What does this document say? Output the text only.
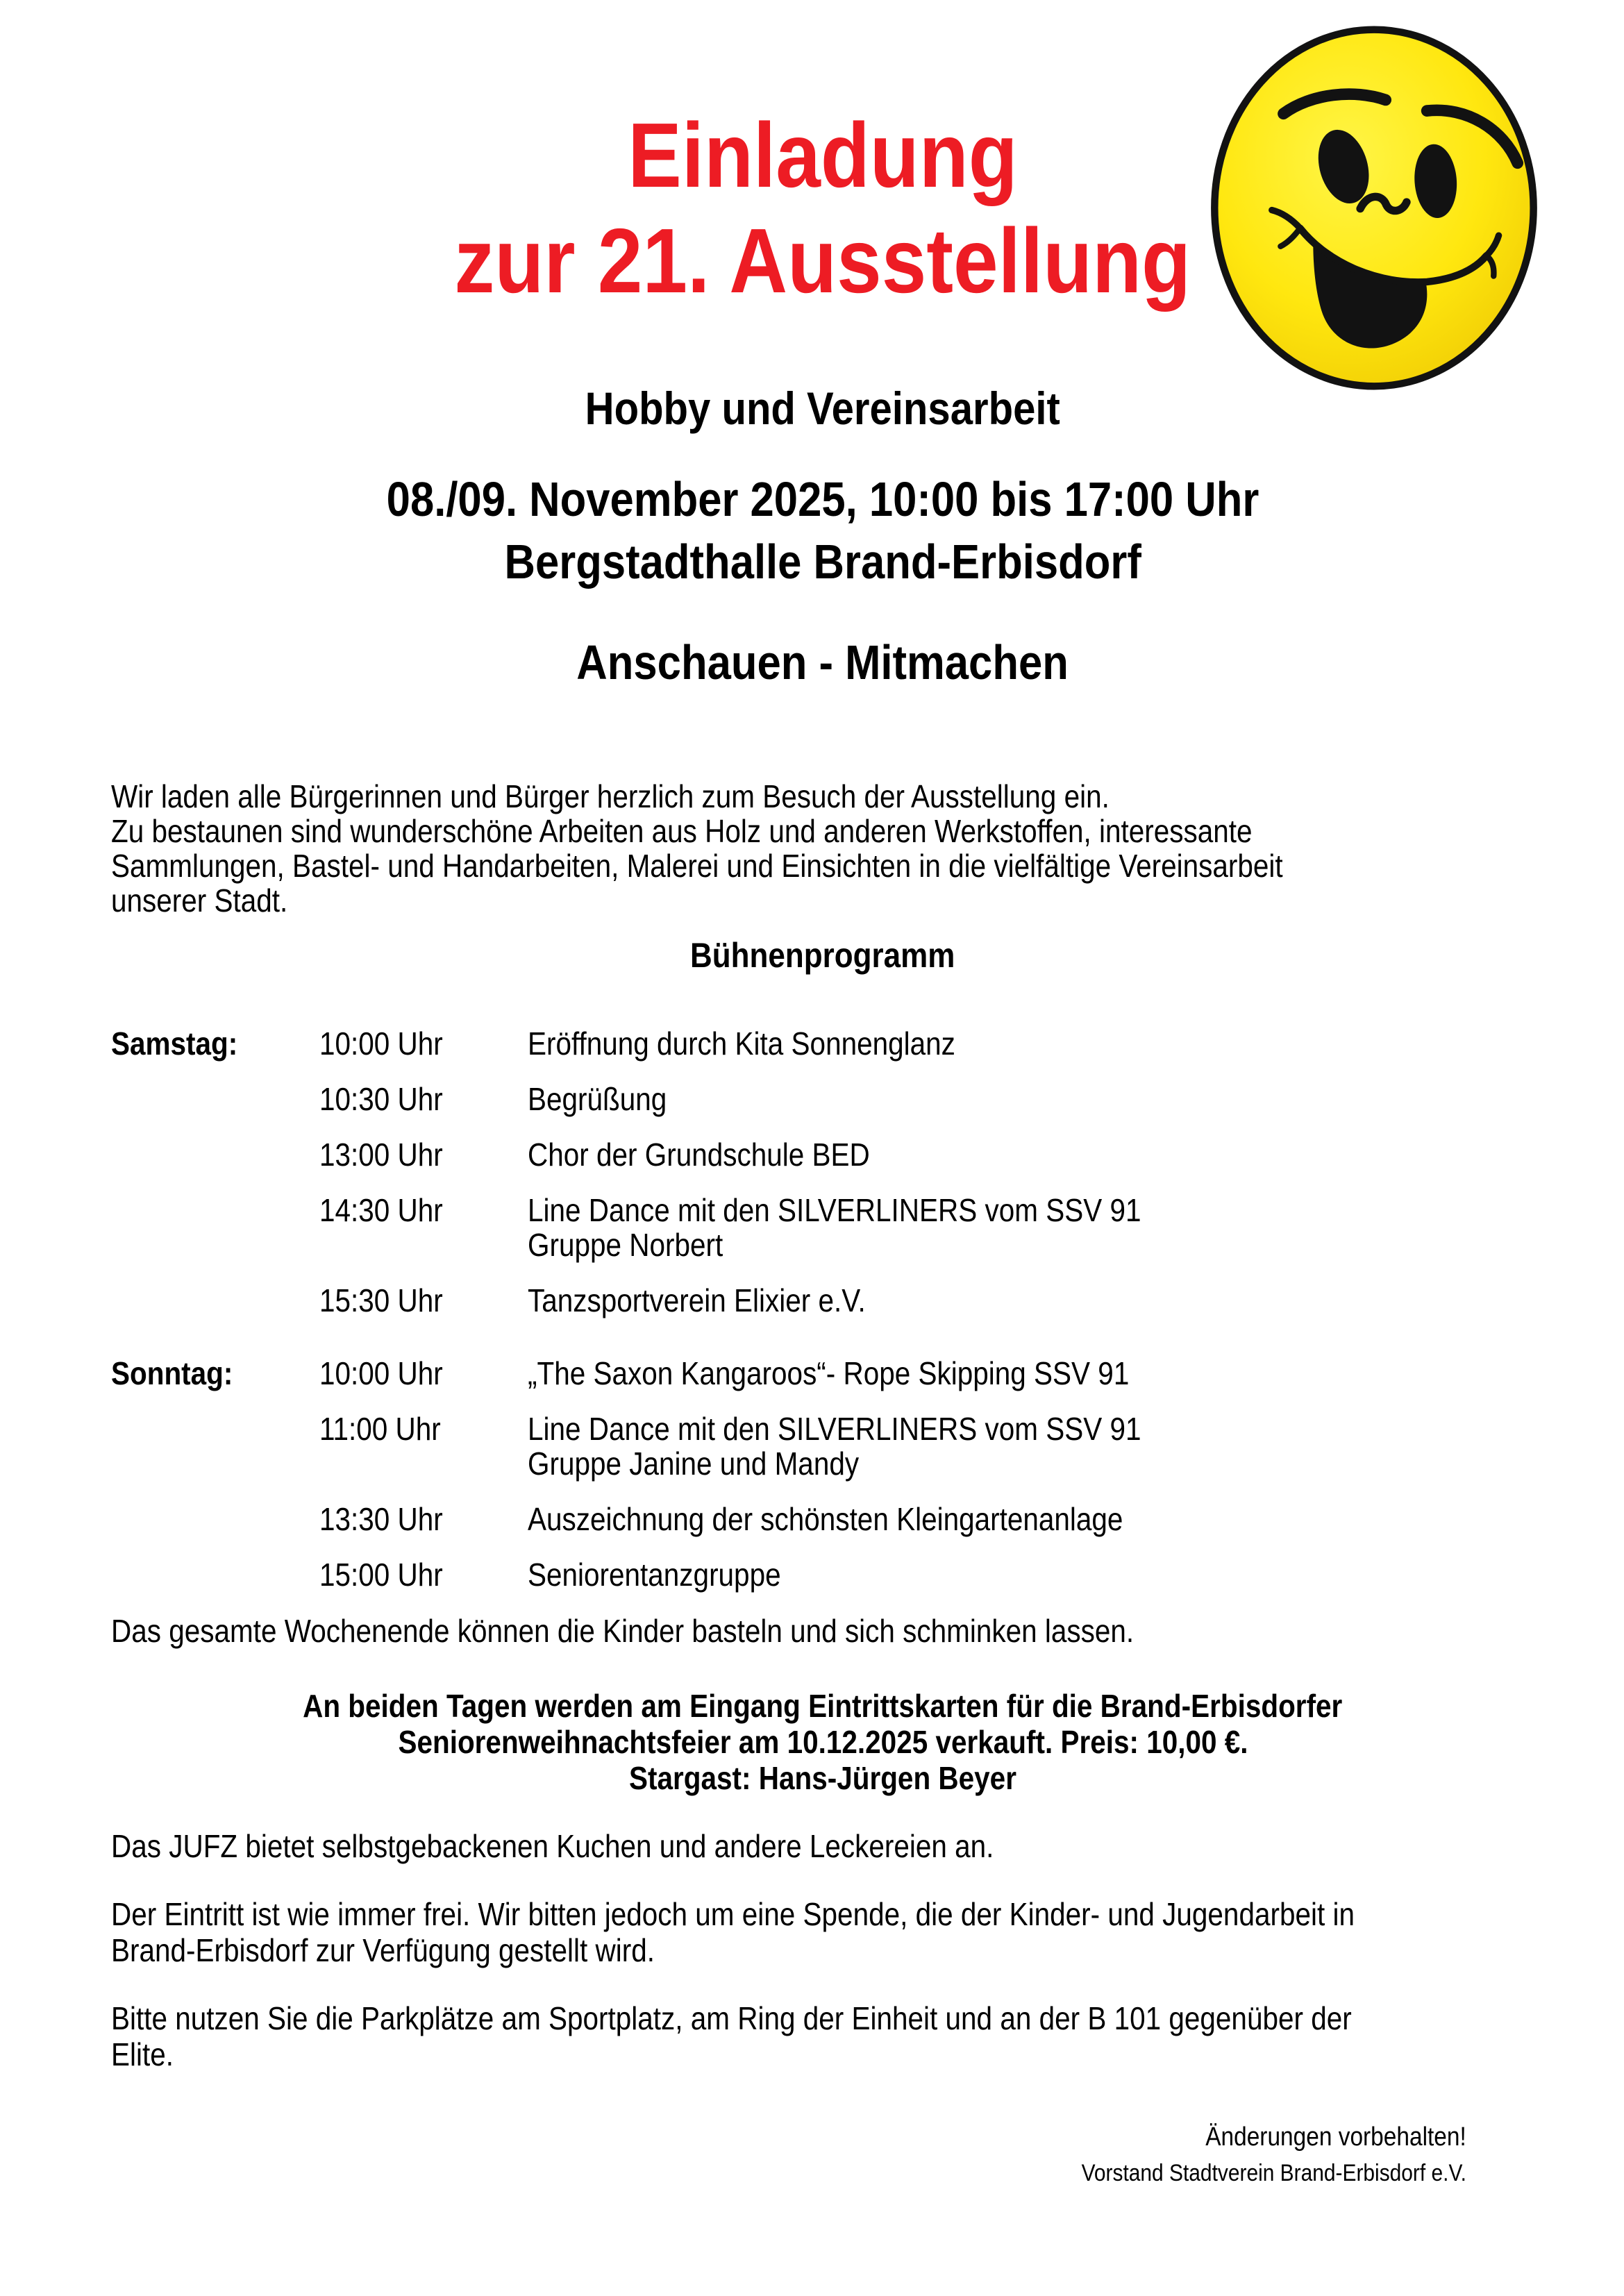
Einladung
zur 21. Ausstellung
Hobby und Vereinsarbeit
08./09. November 2025, 10:00 bis 17:00 Uhr
Bergstadthalle Brand-Erbisdorf
Anschauen - Mitmachen

Wir laden alle Bürgerinnen und Bürger herzlich zum Besuch der Ausstellung ein.
Zu bestaunen sind wunderschöne Arbeiten aus Holz und anderen Werkstoffen, interessante
Sammlungen, Bastel- und Handarbeiten, Malerei und Einsichten in die vielfältige Vereinsarbeit
unserer Stadt.

Bühnenprogramm
Samstag:	10:00 Uhr	Eröffnung durch Kita Sonnenglanz
10:30 Uhr	Begrüßung
13:00 Uhr	Chor der Grundschule BED
14:30 Uhr	Line Dance mit den SILVERLINERS vom SSV 91
Gruppe Norbert
15:30 Uhr	Tanzsportverein Elixier e.V.
Sonntag:	10:00 Uhr	„The Saxon Kangaroos“- Rope Skipping SSV 91
11:00 Uhr	Line Dance mit den SILVERLINERS vom SSV 91
Gruppe Janine und Mandy
13:30 Uhr	Auszeichnung der schönsten Kleingartenanlage
15:00 Uhr	Seniorentanzgruppe

Das gesamte Wochenende können die Kinder basteln und sich schminken lassen.

An beiden Tagen werden am Eingang Eintrittskarten für die Brand-Erbisdorfer
Seniorenweihnachtsfeier am 10.12.2025 verkauft. Preis: 10,00 €.
Stargast: Hans-Jürgen Beyer

Das JUFZ bietet selbstgebackenen Kuchen und andere Leckereien an.

Der Eintritt ist wie immer frei. Wir bitten jedoch um eine Spende, die der Kinder- und Jugendarbeit in
Brand-Erbisdorf zur Verfügung gestellt wird.

Bitte nutzen Sie die Parkplätze am Sportplatz, am Ring der Einheit und an der B 101 gegenüber der
Elite.

Änderungen vorbehalten!
Vorstand Stadtverein Brand-Erbisdorf e.V.
